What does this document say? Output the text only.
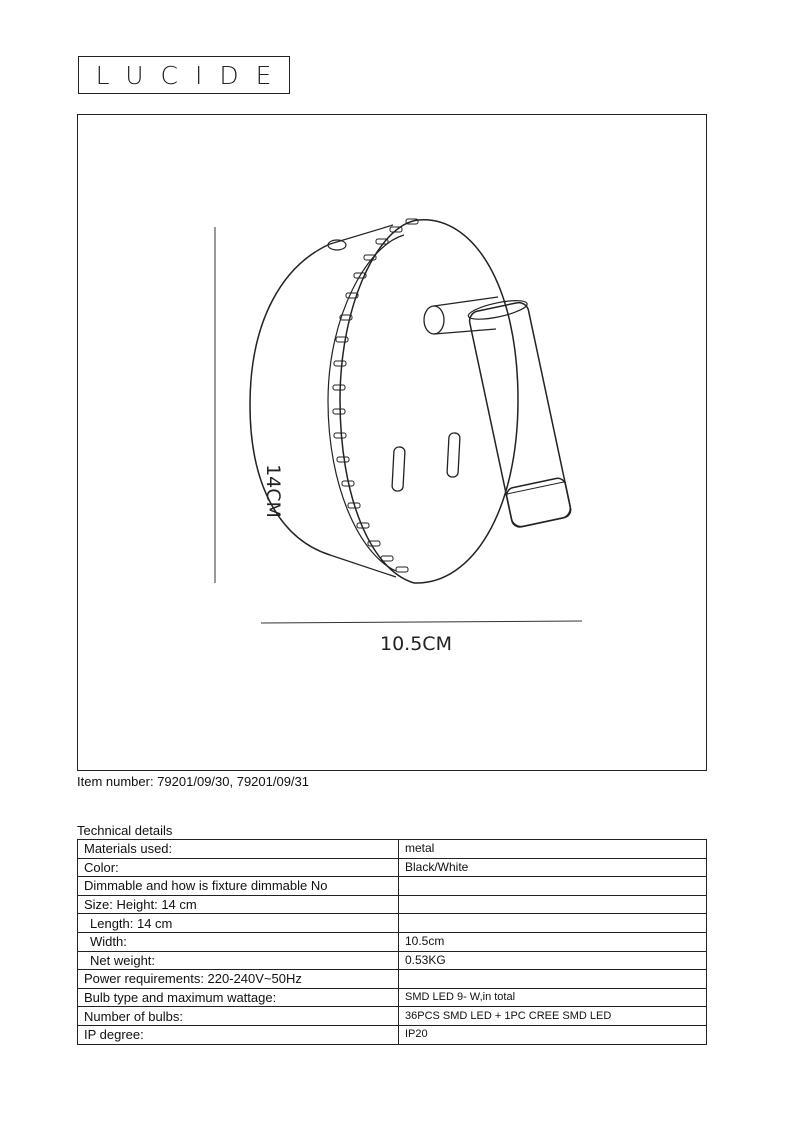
LUCIDE
14CM
10.5CM
Item number: 79201/09/30, 79201/09/31
Technical details
Materials used:	metal
Color:	Black/White
Dimmable and how is fixture dimmable No	
Size: Height: 14 cm	
Length: 14 cm	
Width:	10.5cm
Net weight:	0.53KG
Power requirements: 220-240V~50Hz	
Bulb type and maximum wattage:	SMD LED 9- W,in total
Number of bulbs:	36PCS SMD LED + 1PC CREE SMD LED
IP degree:	IP20
